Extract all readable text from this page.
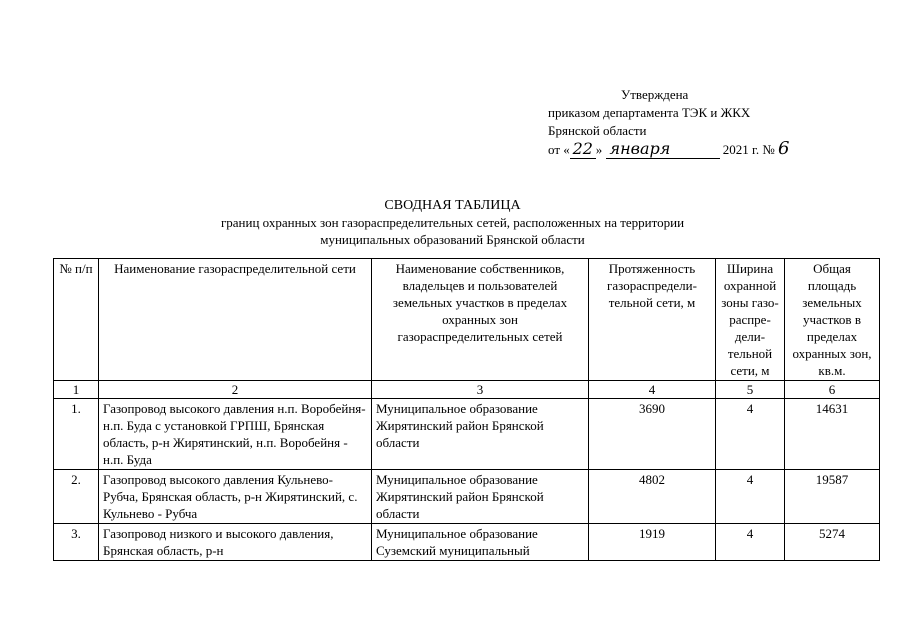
Утверждена
приказом департамента ТЭК и ЖКХ
Брянской области
от « 22 » января	2021 г. № 6
СВОДНАЯ ТАБЛИЦА
границ охранных зон газораспределительных сетей, расположенных на территории
муниципальных образований Брянской области
№ п/п	Наименование газораспределительной сети	Наименование собственников, владельцев и пользователей земельных участков в пределах охранных зон газораспределительных сетей	Протяженность газораспредели-тельной сети, м	Ширина охранной зоны газо-распре-дели-тельной сети, м	Общая площадь земельных участков в пределах охранных зон, кв.м.
1	2	3	4	5	6
1.	Газопровод высокого давления н.п. Воробейня- н.п. Буда с установкой ГРПШ, Брянская область, р-н Жирятинский, н.п. Воробейня - н.п. Буда	Муниципальное образование Жирятинский район Брянской области	3690	4	14631
2.	Газопровод высокого давления Кульнево-Рубча, Брянская область, р-н Жирятинский, с. Кульнево - Рубча	Муниципальное образование Жирятинский район Брянской области	4802	4	19587
3.	Газопровод низкого и высокого давления, Брянская область, р-н	Муниципальное образование Суземский муниципальный	1919	4	5274
